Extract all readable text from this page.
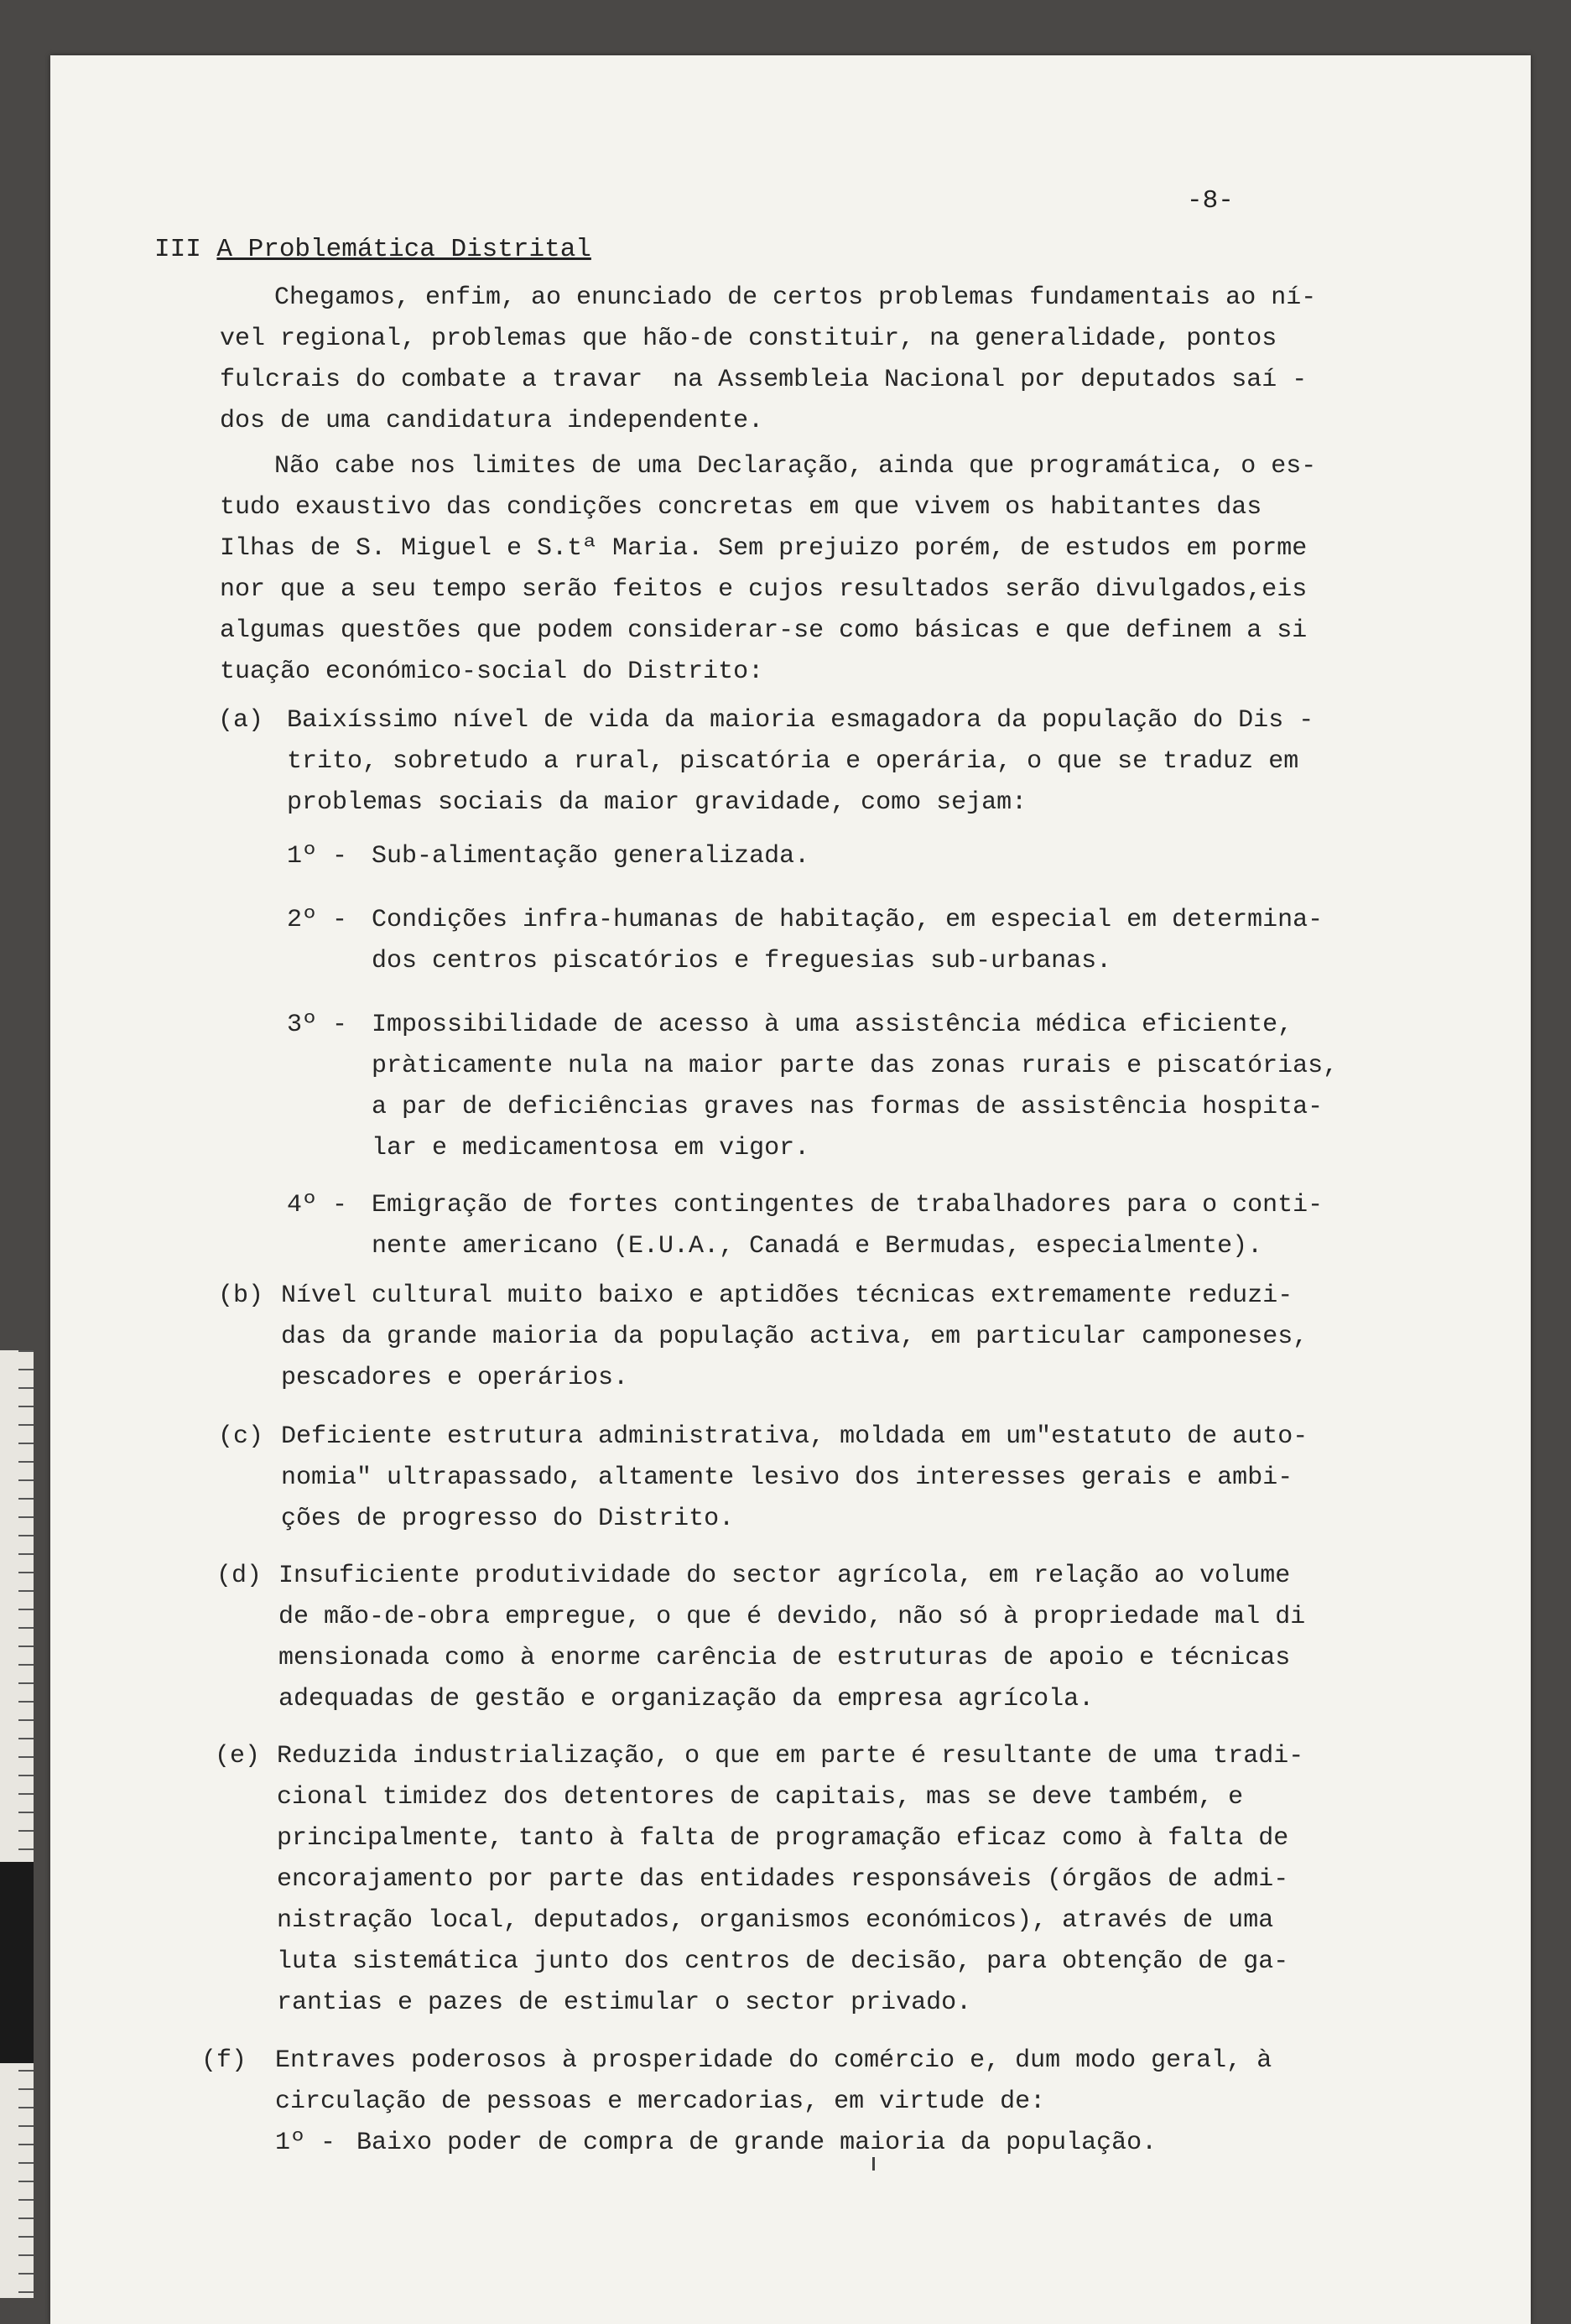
-8-
III A Problemática Distrital
Chegamos, enfim, ao enunciado de certos problemas fundamentais ao ní-
vel regional, problemas que hão-de constituir, na generalidade, pontos
fulcrais do combate a travar  na Assembleia Nacional por deputados saí -
dos de uma candidatura independente.
Não cabe nos limites de uma Declaração, ainda que programática, o es-
tudo exaustivo das condições concretas em que vivem os habitantes das
Ilhas de S. Miguel e S.tª Maria. Sem prejuizo porém, de estudos em porme
nor que a seu tempo serão feitos e cujos resultados serão divulgados,eis
algumas questões que podem considerar-se como básicas e que definem a si
tuação económico-social do Distrito:
(a) Baixíssimo nível de vida da maioria esmagadora da população do Dis -
trito, sobretudo a rural, piscatória e operária, o que se traduz em
problemas sociais da maior gravidade, como sejam:
1º - Sub-alimentação generalizada.
2º - Condições infra-humanas de habitação, em especial em determina-
dos centros piscatórios e freguesias sub-urbanas.
3º - Impossibilidade de acesso à uma assistência médica eficiente,
pràticamente nula na maior parte das zonas rurais e piscatórias,
a par de deficiências graves nas formas de assistência hospita-
lar e medicamentosa em vigor.
4º - Emigração de fortes contingentes de trabalhadores para o conti-
nente americano (E.U.A., Canadá e Bermudas, especialmente).
(b) Nível cultural muito baixo e aptidões técnicas extremamente reduzi-
das da grande maioria da população activa, em particular camponeses,
pescadores e operários.
(c) Deficiente estrutura administrativa, moldada em um"estatuto de auto-
nomia" ultrapassado, altamente lesivo dos interesses gerais e ambi-
ções de progresso do Distrito.
(d) Insuficiente produtividade do sector agrícola, em relação ao volume
de mão-de-obra empregue, o que é devido, não só à propriedade mal di
mensionada como à enorme carência de estruturas de apoio e técnicas
adequadas de gestão e organização da empresa agrícola.
(e) Reduzida industrialização, o que em parte é resultante de uma tradi-
cional timidez dos detentores de capitais, mas se deve também, e
principalmente, tanto à falta de programação eficaz como à falta de
encorajamento por parte das entidades responsáveis (órgãos de admi-
nistração local, deputados, organismos económicos), através de uma
luta sistemática junto dos centros de decisão, para obtenção de ga-
rantias e pazes de estimular o sector privado.
(f) Entraves poderosos à prosperidade do comércio e, dum modo geral, à
circulação de pessoas e mercadorias, em virtude de:
1º - Baixo poder de compra de grande maioria da população.
